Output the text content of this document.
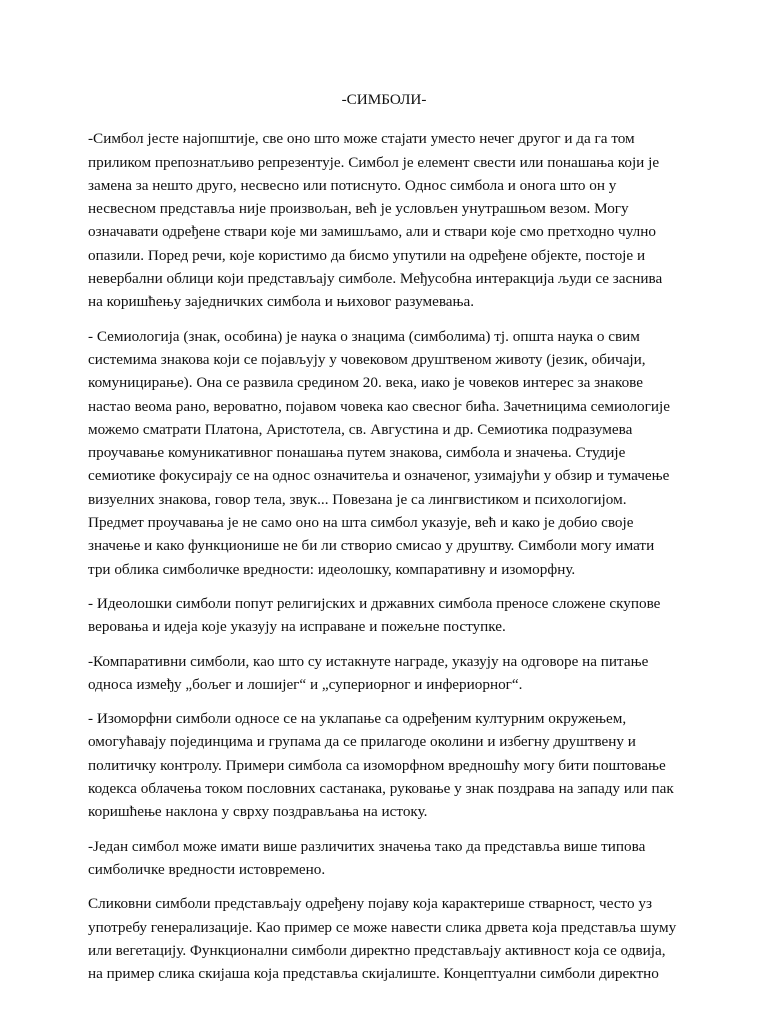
-СИМБОЛИ-

-Симбол јесте најопштије, све оно што може стајати уместо нечег другог и да га том приликом препознатљиво репрезентује. Симбол је елемент свести или понашања који је замена за нешто друго, несвесно или потиснуто. Однос симбола и онога што он у несвесном представља није произвољан, већ је условљен унутрашњом везом. Могу означавати одређене ствари које ми замишљамо, али и ствари које смо претходно чулно опазили. Поред речи, које користимо да бисмо упутили на одређене објекте, постоје и невербални облици који представљају симболе. Међусобна интеракција људи се заснива на коришћењу заједничких симбола и њиховог разумевања.

- Семиологија (знак, особина) је наука о знацима (симболима) тј. општа наука о свим системима знакова који се појављују у човековом друштвеном животу (језик, обичаји, комуницирање). Она се развила средином 20. века, иако је човеков интерес за знакове настао веома рано, вероватно, појавом човека као свесног бића. Зачетницима семиологије можемо сматрати Платона, Аристотела, св. Августина и др. Семиотика подразумева проучавање комуникативног понашања путем знакова, симбола и значења. Студије семиотике фокусирају се на однос означитеља и означеног, узимајући у обзир и тумачење визуелних знакова, говор тела, звук... Повезана је са лингвистиком и психологијом. Предмет проучавања је не само оно на шта симбол указује, већ и како је добио своје значење и како функционише не би ли створио смисао у друштву. Симболи могу имати три облика симболичке вредности: идеолошку, компаративну и изоморфну.

- Идеолошки симболи попут религијских и државних симбола преносе сложене скупове веровања и идеја које указују на исправане и пожељне поступке.

-Компаративни симболи, као што су истакнуте награде, указују на одговоре на питање односа између „бољег и лошијег“ и „супериорног и инфериорног“.

- Изоморфни симболи односе се на уклапање са одређеним културним окружењем, омогућавају појединцима и групама да се прилагоде околини и избегну друштвену и политичку контролу. Примери симбола са изоморфном вредношћу могу бити поштовање кодекса облачења током пословних састанака, руковање у знак поздрава на западу или пак коришћење наклона у сврху поздрављања на истоку.

-Један симбол може имати више различитих значења тако да представља више типова симболичке вредности истовремено.

Сликовни симболи представљају одређену појаву која карактерише стварност, често уз употребу генерализације. Као пример се може навести слика дрвета која представља шуму или вегетацију. Функционални симболи директно представљају активност која се одвија, на пример слика скијаша која представља скијалиште. Концептуални симболи директно
